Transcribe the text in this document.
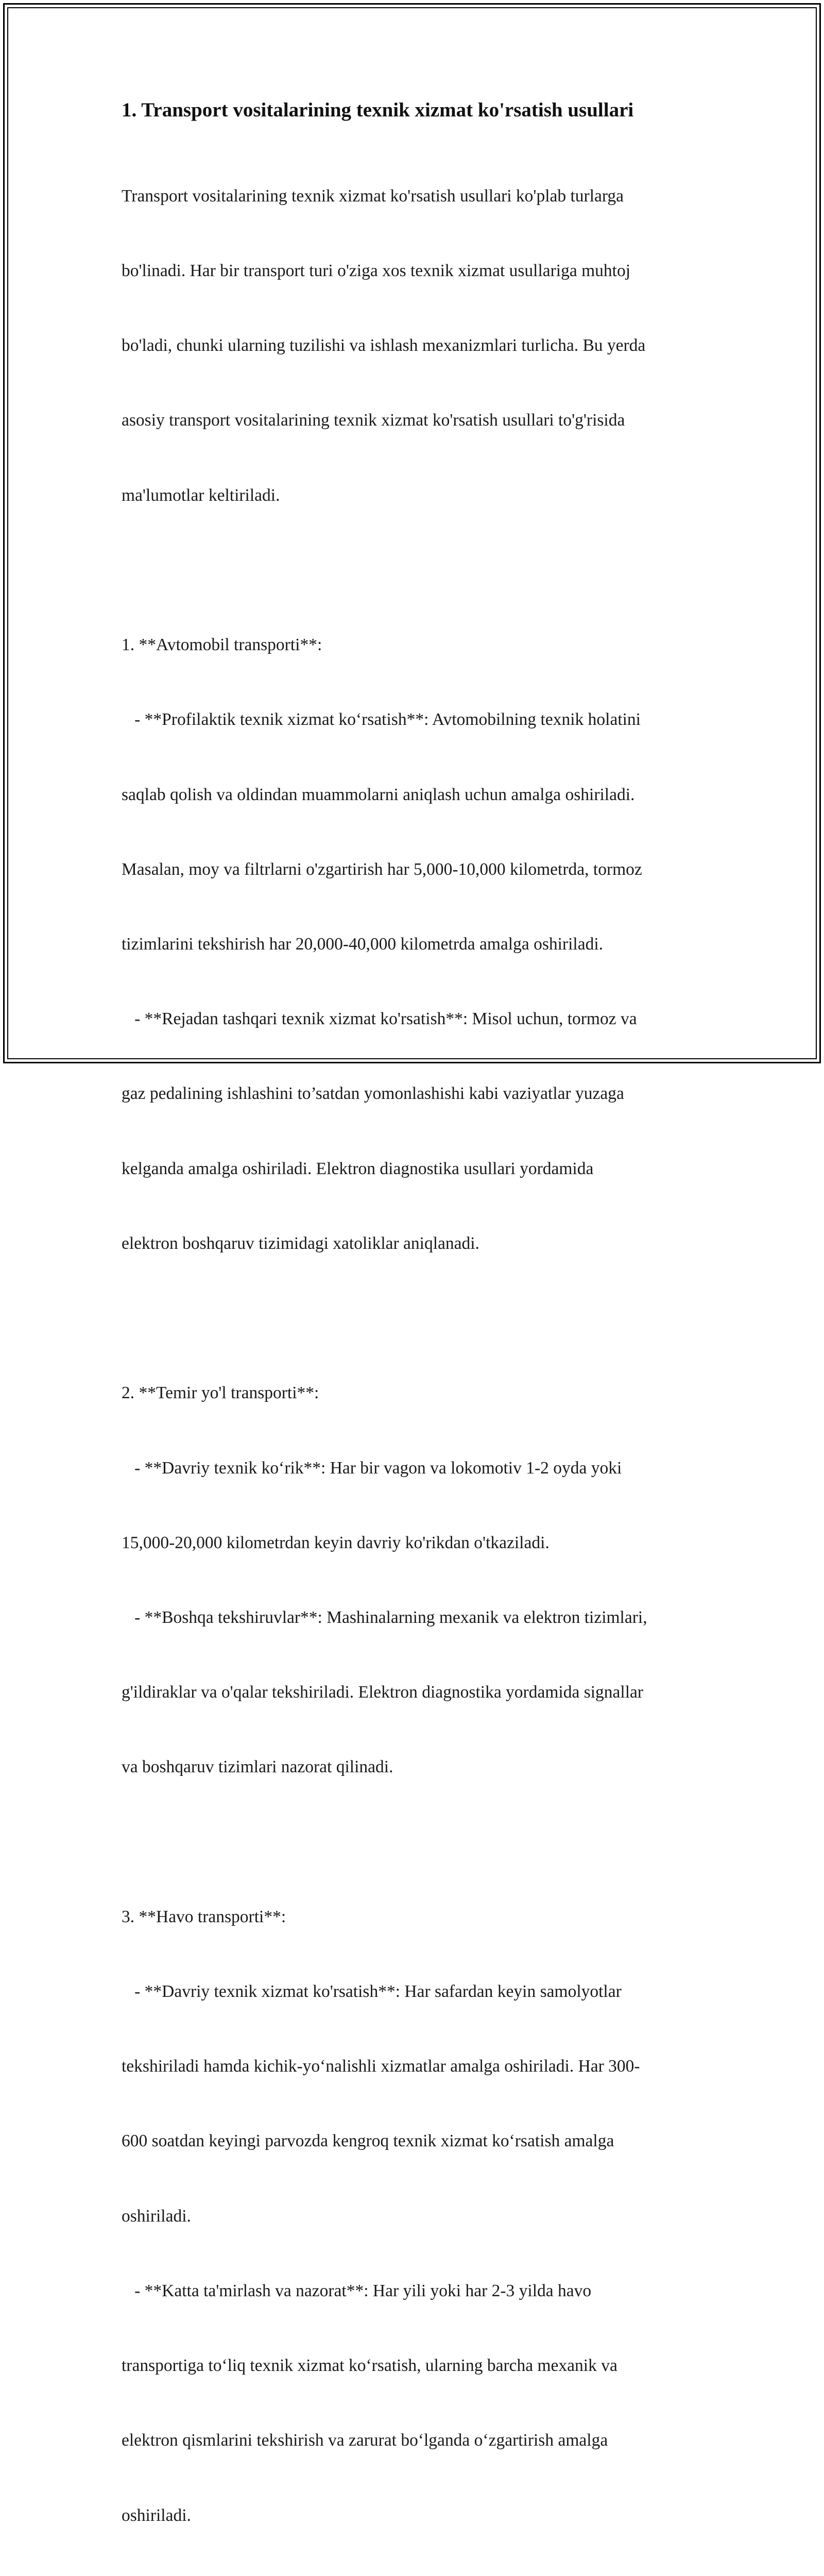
1. Transport vositalarining texnik xizmat ko'rsatish usullari

Transport vositalarining texnik xizmat ko'rsatish usullari ko'plab turlarga

bo'linadi. Har bir transport turi o'ziga xos texnik xizmat usullariga muhtoj

bo'ladi, chunki ularning tuzilishi va ishlash mexanizmlari turlicha. Bu yerda

asosiy transport vositalarining texnik xizmat ko'rsatish usullari to'g'risida

ma'lumotlar keltiriladi.

1. **Avtomobil transporti**:

- **Profilaktik texnik xizmat ko‘rsatish**: Avtomobilning texnik holatini

saqlab qolish va oldindan muammolarni aniqlash uchun amalga oshiriladi.

Masalan, moy va filtrlarni o'zgartirish har 5,000-10,000 kilometrda, tormoz

tizimlarini tekshirish har 20,000-40,000 kilometrda amalga oshiriladi.

- **Rejadan tashqari texnik xizmat ko'rsatish**: Misol uchun, tormoz va

gaz pedalining ishlashini to’satdan yomonlashishi kabi vaziyatlar yuzaga

kelganda amalga oshiriladi. Elektron diagnostika usullari yordamida

elektron boshqaruv tizimidagi xatoliklar aniqlanadi.

2. **Temir yo'l transporti**:

- **Davriy texnik ko‘rik**: Har bir vagon va lokomotiv 1-2 oyda yoki

15,000-20,000 kilometrdan keyin davriy ko'rikdan o'tkaziladi.

- **Boshqa tekshiruvlar**: Mashinalarning mexanik va elektron tizimlari,

g'ildiraklar va o'qalar tekshiriladi. Elektron diagnostika yordamida signallar

va boshqaruv tizimlari nazorat qilinadi.

3. **Havo transporti**:

- **Davriy texnik xizmat ko'rsatish**: Har safardan keyin samolyotlar

tekshiriladi hamda kichik-yo‘nalishli xizmatlar amalga oshiriladi. Har 300-

600 soatdan keyingi parvozda kengroq texnik xizmat ko‘rsatish amalga

oshiriladi.

- **Katta ta'mirlash va nazorat**: Har yili yoki har 2-3 yilda havo

transportiga to‘liq texnik xizmat ko‘rsatish, ularning barcha mexanik va

elektron qismlarini tekshirish va zarurat bo‘lganda o‘zgartirish amalga

oshiriladi.
